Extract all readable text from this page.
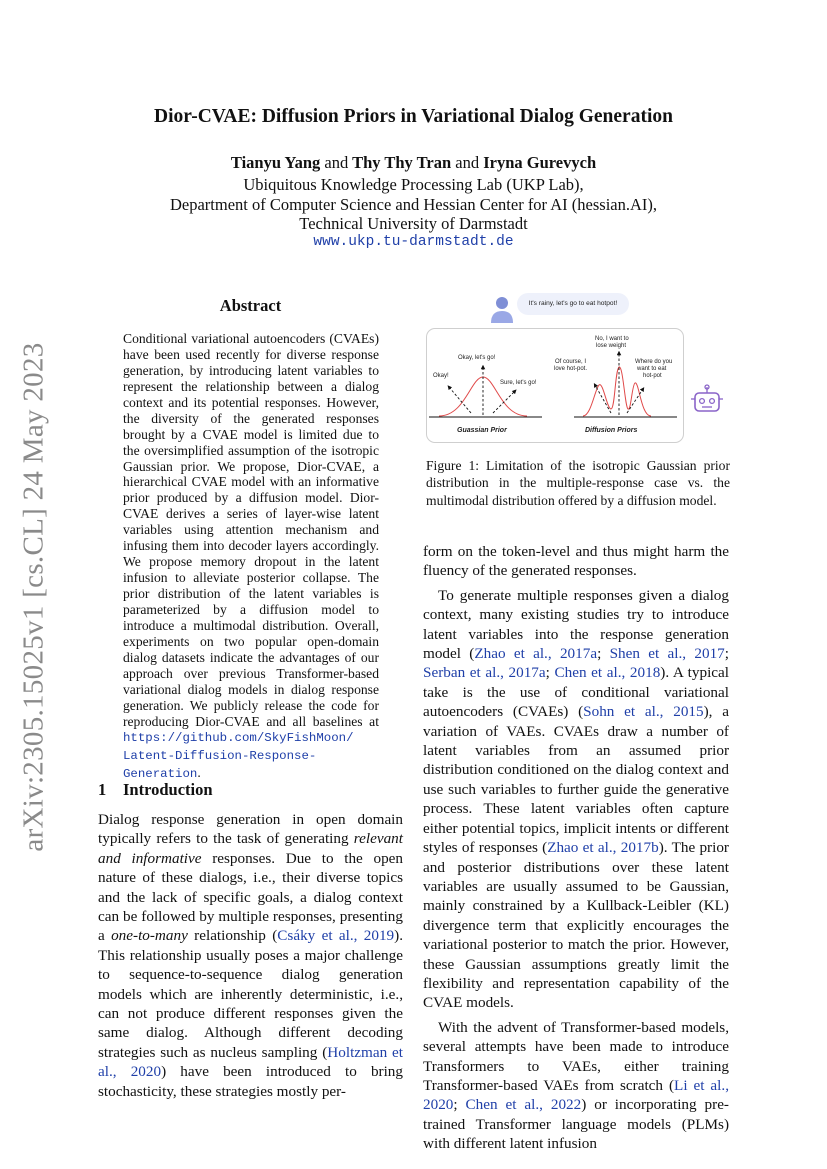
arXiv:2305.15025v1 [cs.CL] 24 May 2023
Dior-CVAE: Diffusion Priors in Variational Dialog Generation
Tianyu Yang and Thy Thy Tran and Iryna Gurevych
Ubiquitous Knowledge Processing Lab (UKP Lab),
Department of Computer Science and Hessian Center for AI (hessian.AI),
Technical University of Darmstadt
www.ukp.tu-darmstadt.de
Abstract
Conditional variational autoencoders (CVAEs) have been used recently for diverse response generation, by introducing latent variables to represent the relationship between a dialog context and its potential responses. However, the diversity of the generated responses brought by a CVAE model is limited due to the oversimplified assumption of the isotropic Gaussian prior. We propose, Dior-CVAE, a hierarchical CVAE model with an informative prior produced by a diffusion model. Dior-CVAE derives a series of layer-wise latent variables using attention mechanism and infusing them into decoder layers accordingly. We propose memory dropout in the latent infusion to alleviate posterior collapse. The prior distribution of the latent variables is parameterized by a diffusion model to introduce a multimodal distribution. Overall, experiments on two popular open-domain dialog datasets indicate the advantages of our approach over previous Transformer-based variational dialog models in dialog response generation. We publicly release the code for reproducing Dior-CVAE and all baselines at https://github.com/SkyFishMoon/ Latent-Diffusion-Response-Generation.
1 Introduction

Dialog response generation in open domain typically refers to the task of generating relevant and informative responses. Due to the open nature of these dialogs, i.e., their diverse topics and the lack of specific goals, a dialog context can be followed by multiple responses, presenting a one-to-many relationship (Csáky et al., 2019). This relationship usually poses a major challenge to sequence-to-sequence dialog generation models which are inherently deterministic, i.e., can not produce different responses given the same dialog. Although different decoding strategies such as nucleus sampling (Holtzman et al., 2020) have been introduced to bring stochasticity, these strategies mostly per-

It's rainy, let's go to eat hotpot!
Okay, let's go!
Okay!
Sure, let's go!
Guassian Prior
No, I want to
lose weight
Of course, I
love hot-pot.
Where do you
want to eat
hot-pot
Diffusion Priors
Figure 1: Limitation of the isotropic Gaussian prior distribution in the multiple-response case vs. the multimodal distribution offered by a diffusion model.

form on the token-level and thus might harm the fluency of the generated responses.

To generate multiple responses given a dialog context, many existing studies try to introduce latent variables into the response generation model (Zhao et al., 2017a; Shen et al., 2017; Serban et al., 2017a; Chen et al., 2018). A typical take is the use of conditional variational autoencoders (CVAEs) (Sohn et al., 2015), a variation of VAEs. CVAEs draw a number of latent variables from an assumed prior distribution conditioned on the dialog context and use such variables to further guide the generative process. These latent variables often capture either potential topics, implicit intents or different styles of responses (Zhao et al., 2017b). The prior and posterior distributions over these latent variables are usually assumed to be Gaussian, mainly constrained by a Kullback-Leibler (KL) divergence term that explicitly encourages the variational posterior to match the prior. However, these Gaussian assumptions greatly limit the flexibility and representation capability of the CVAE models.

With the advent of Transformer-based models, several attempts have been made to introduce Transformers to VAEs, either training Transformer-based VAEs from scratch (Li et al., 2020; Chen et al., 2022) or incorporating pre-trained Transformer language models (PLMs) with different latent infusion
